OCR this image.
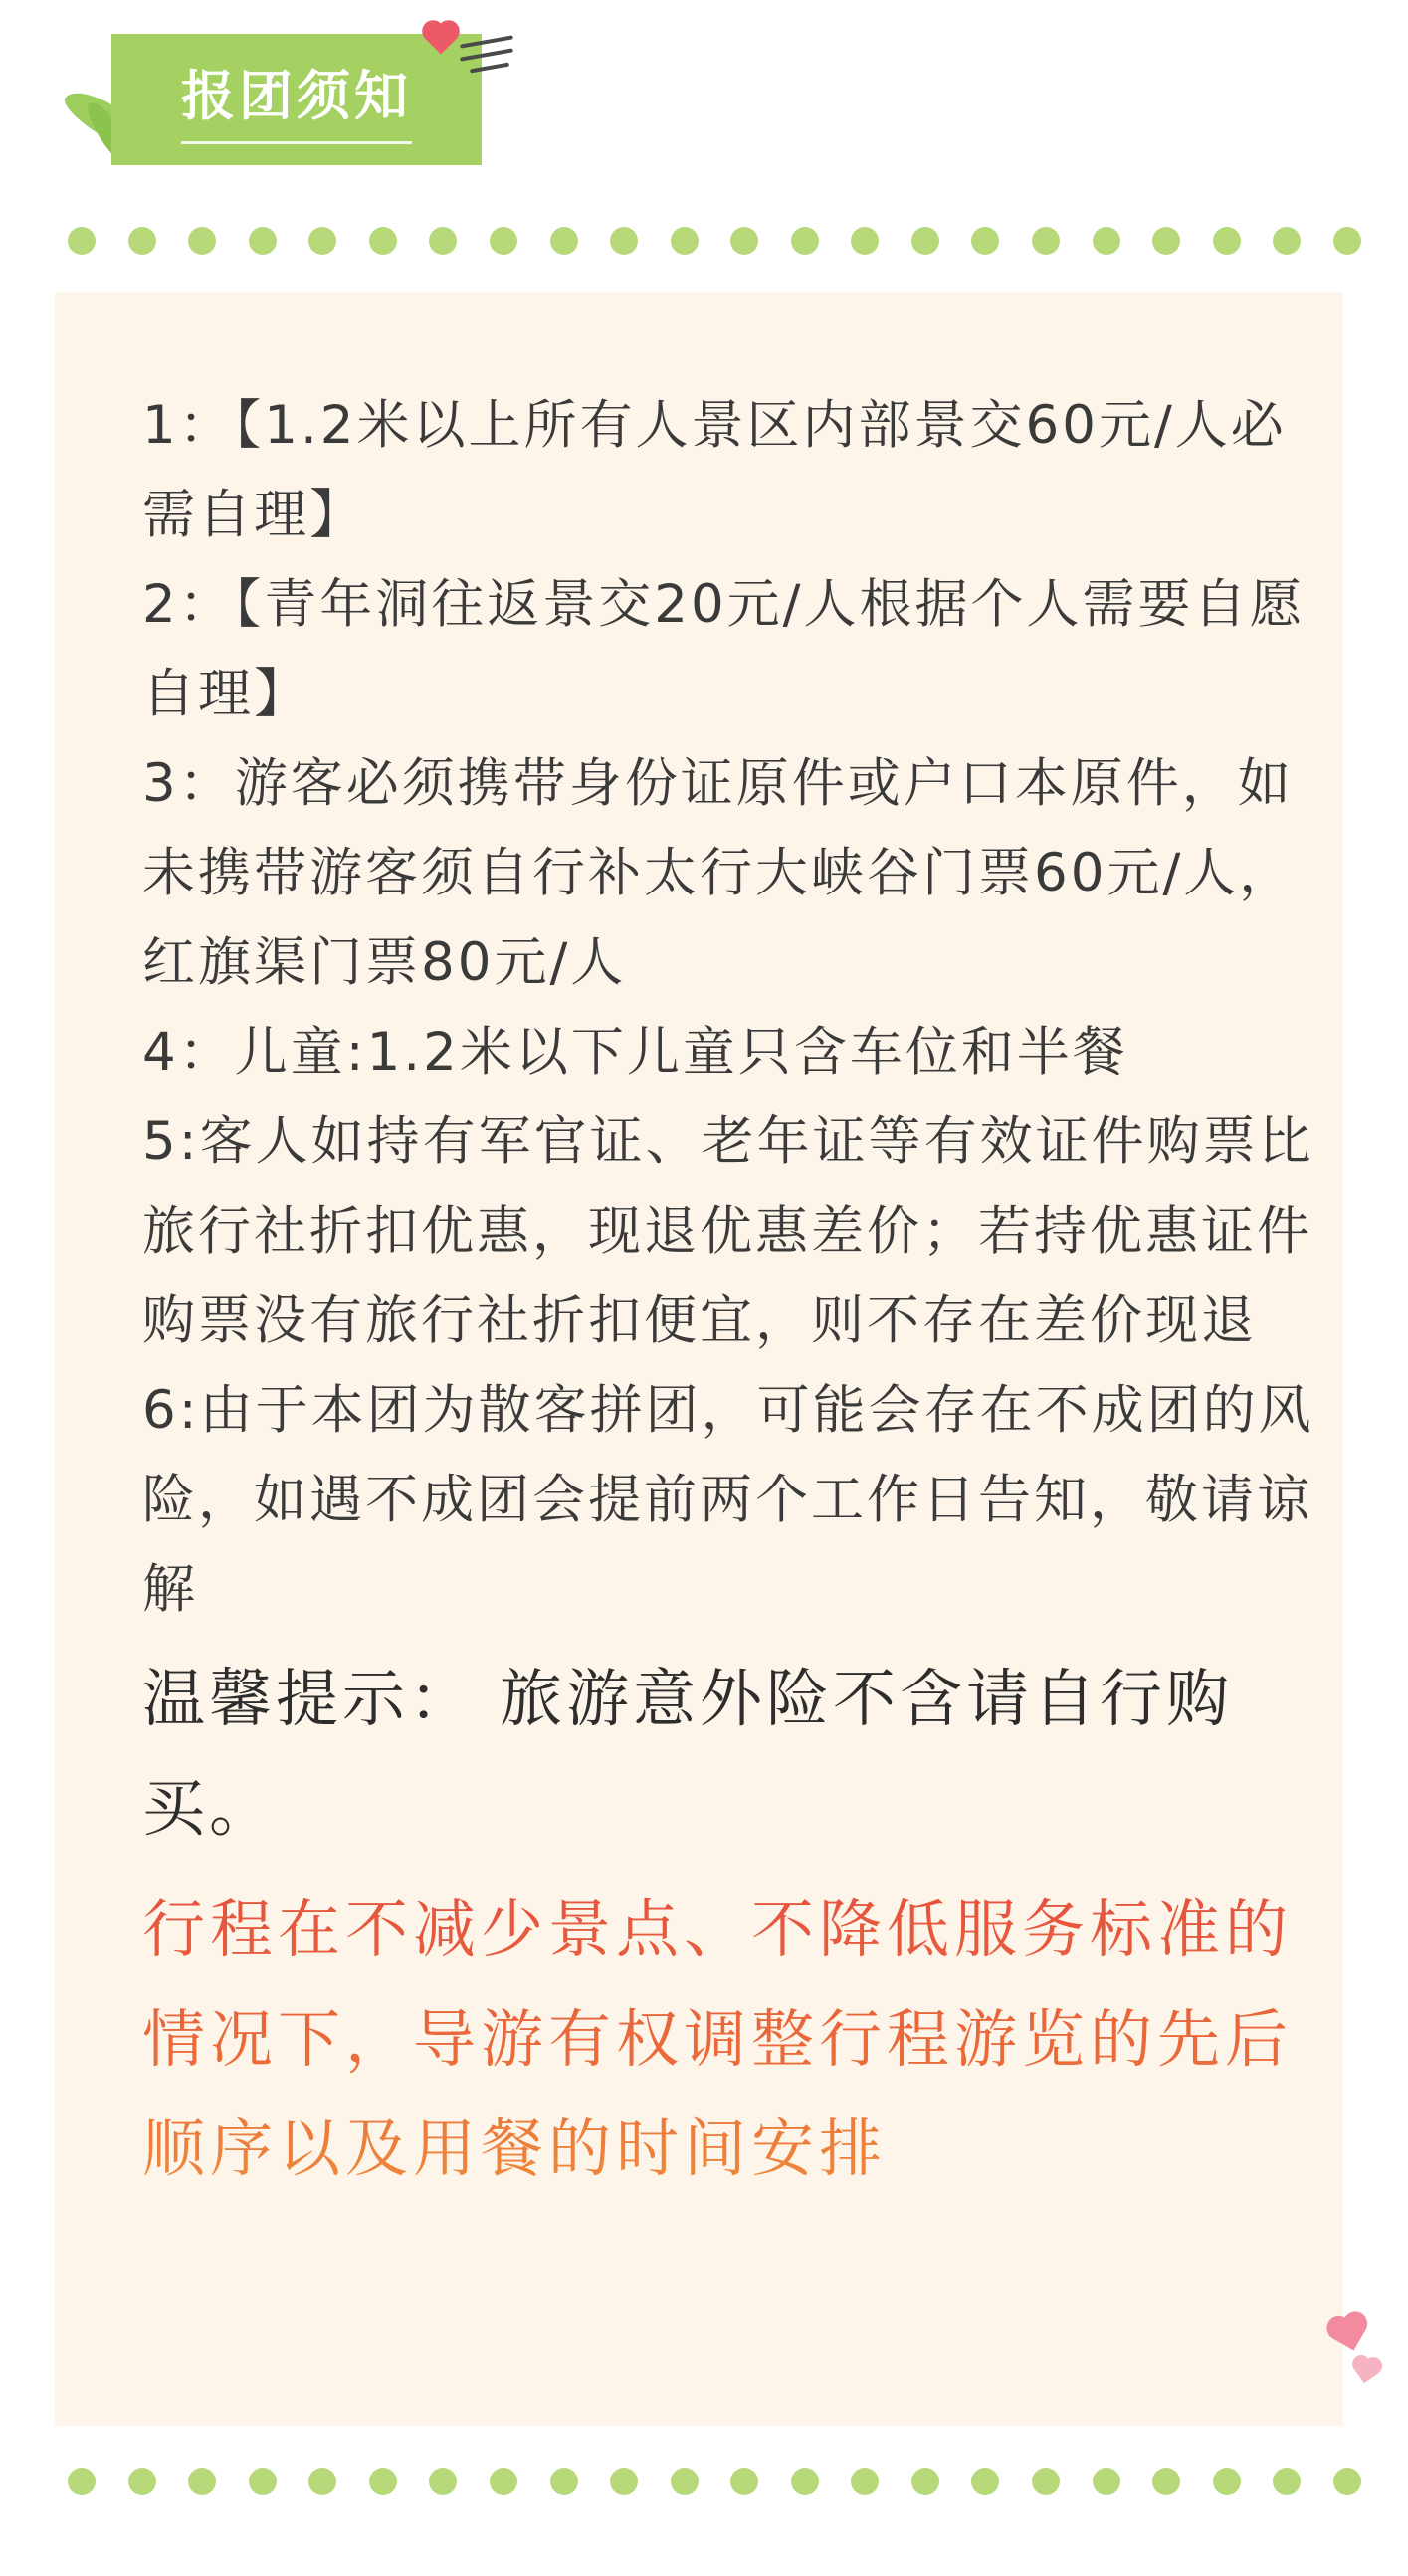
报团须知

1：【1.2米以上所有人景区内部景交60元/人必需自理】

2：【青年洞往返景交20元/人根据个人需要自愿自理】

3：游客必须携带身份证原件或户口本原件，如未携带游客须自行补太行大峡谷门票60元/人，红旗渠门票80元/人

4：儿童:1.2米以下儿童只含车位和半餐

5:客人如持有军官证、老年证等有效证件购票比旅行社折扣优惠，现退优惠差价；若持优惠证件购票没有旅行社折扣便宜，则不存在差价现退

6:由于本团为散客拼团，可能会存在不成团的风险，如遇不成团会提前两个工作日告知，敬请谅解

温馨提示： 旅游意外险不含请自行购买。

行程在不减少景点、不降低服务标准的情况下，导游有权调整行程游览的先后顺序以及用餐的时间安排
